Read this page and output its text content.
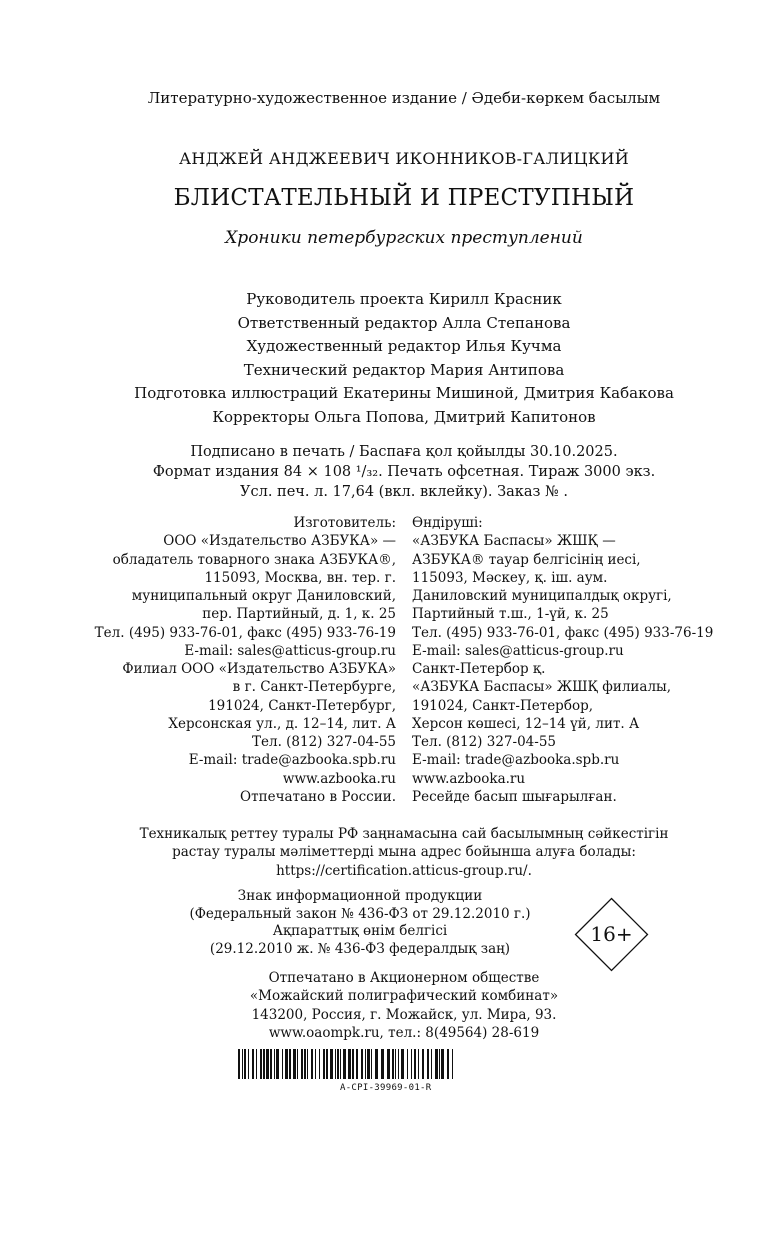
Литературно-художественное издание / Әдеби-көркем басылым
АНДЖЕЙ АНДЖЕЕВИЧ ИКОННИКОВ-ГАЛИЦКИЙ
БЛИСТАТЕЛЬНЫЙ И ПРЕСТУПНЫЙ
Хроники петербургских преступлений
Руководитель проекта Кирилл Красник
Ответственный редактор Алла Степанова
Художественный редактор Илья Кучма
Технический редактор Мария Антипова
Подготовка иллюстраций Екатерины Мишиной, Дмитрия Кабакова
Корректоры Ольга Попова, Дмитрий Капитонов
Подписано в печать / Баспаға қол қойылды 30.10.2025.
Формат издания 84 × 108 ¹/₃₂. Печать офсетная. Тираж 3000 экз.
Усл. печ. л. 17,64 (вкл. вклейку). Заказ № .
Изготовитель:
ООО «Издательство АЗБУКА» —
обладатель товарного знака АЗБУКА®,
115093, Москва, вн. тер. г.
муниципальный округ Даниловский,
пер. Партийный, д. 1, к. 25
Тел. (495) 933-76-01, факс (495) 933-76-19
E-mail: sales@atticus-group.ru
Өндіруші:
«АЗБУКА Баспасы» ЖШҚ —
АЗБУКА® тауар белгісінің иесі,
115093, Мәскеу, қ. іш. аум.
Даниловский муниципалдық округі,
Партийный т.ш., 1-үй, к. 25
Тел. (495) 933-76-01, факс (495) 933-76-19
E-mail: sales@atticus-group.ru
Филиал ООО «Издательство АЗБУКА»
в г. Санкт-Петербурге,
191024, Санкт-Петербург,
Херсонская ул., д. 12–14, лит. А
Тел. (812) 327-04-55
E-mail: trade@azbooka.spb.ru
Санкт-Петербор қ.
«АЗБУКА Баспасы» ЖШҚ филиалы,
191024, Санкт-Петербор,
Херсон көшесі, 12–14 үй, лит. А
Тел. (812) 327-04-55
E-mail: trade@azbooka.spb.ru
www.azbooka.ru
Отпечатано в России.
www.azbooka.ru
Ресейде басып шығарылған.
Техникалық реттеу туралы РФ заңнамасына сай басылымның сәйкестігін
растау туралы мәліметтерді мына адрес бойынша алуға болады:
https://certification.atticus-group.ru/.
Знак информационной продукции
(Федеральный закон № 436-ФЗ от 29.12.2010 г.)
Ақпараттық өнім белгісі
(29.12.2010 ж. № 436-ФЗ федералдық заң)
16+
Отпечатано в Акционерном обществе
«Можайский полиграфический комбинат»
143200, Россия, г. Можайск, ул. Мира, 93.
www.oaompk.ru, тел.: 8(49564) 28-619
A-CPI-39969-01-R
